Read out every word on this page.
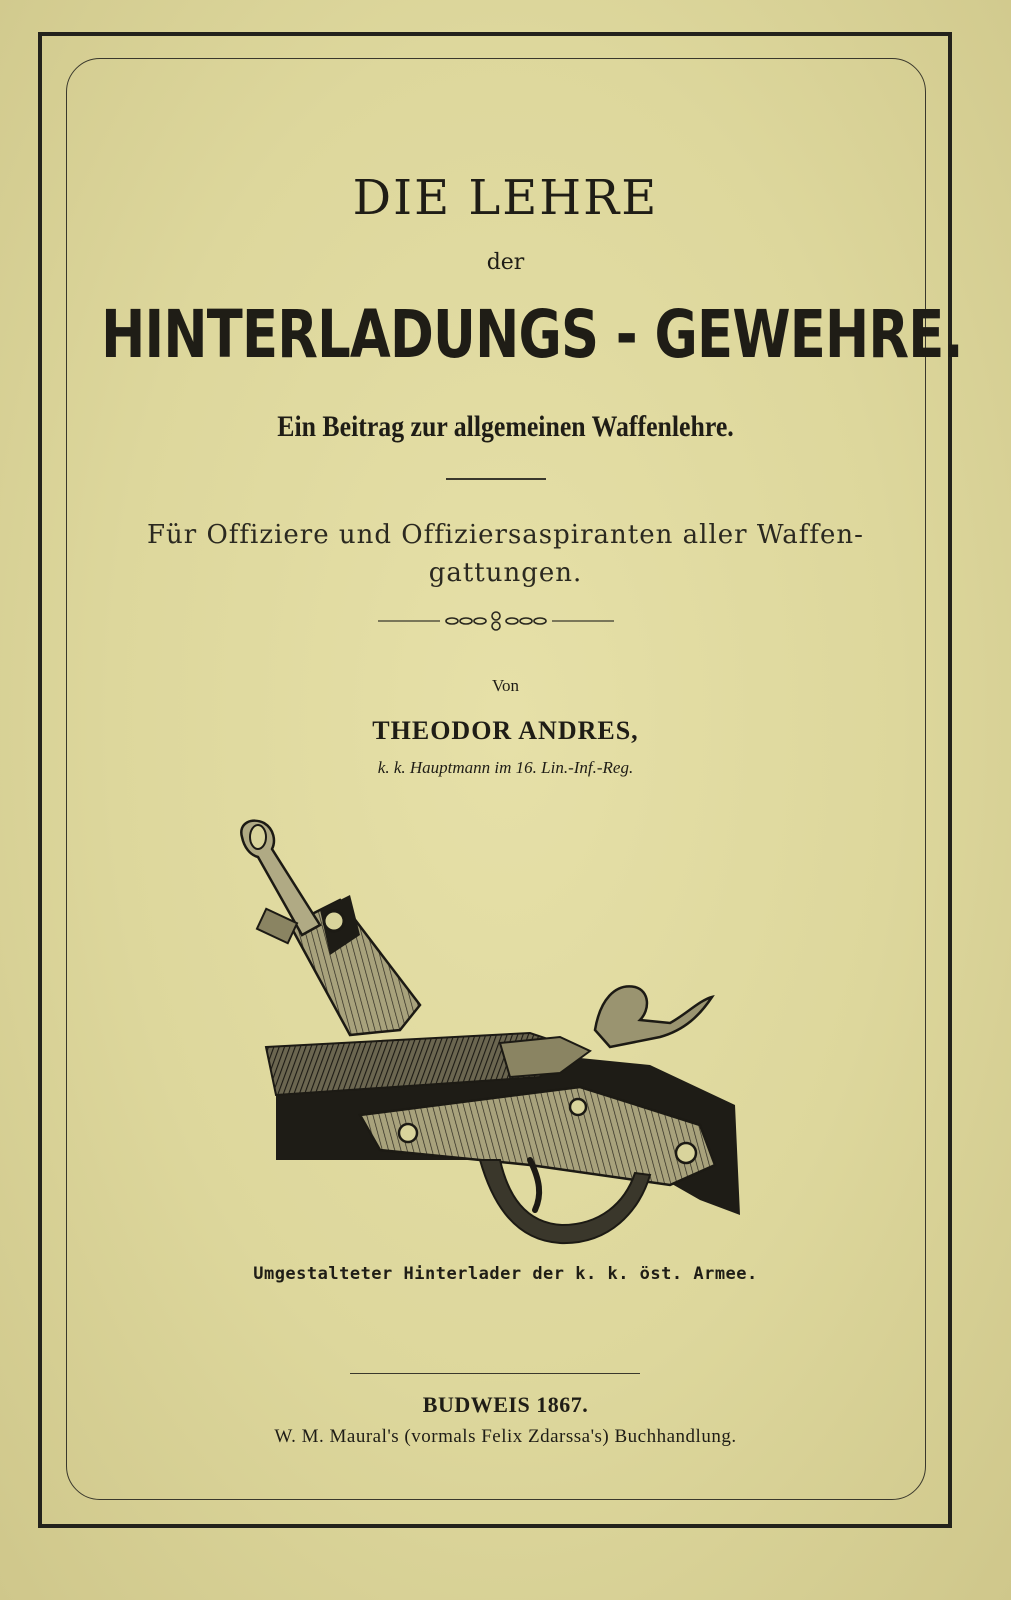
DIE LEHRE
der
HINTERLADUNGS - GEWEHRE.
Ein Beitrag zur allgemeinen Waffenlehre.
Für Offiziere und Offiziersaspiranten aller Waffen-
gattungen.
Von
THEODOR ANDRES,
k. k. Hauptmann im 16. Lin.-Inf.-Reg.
Umgestalteter Hinterlader der k. k. öst. Armee.
BUDWEIS 1867.
W. M. Maural's (vormals Felix Zdarssa's) Buchhandlung.
